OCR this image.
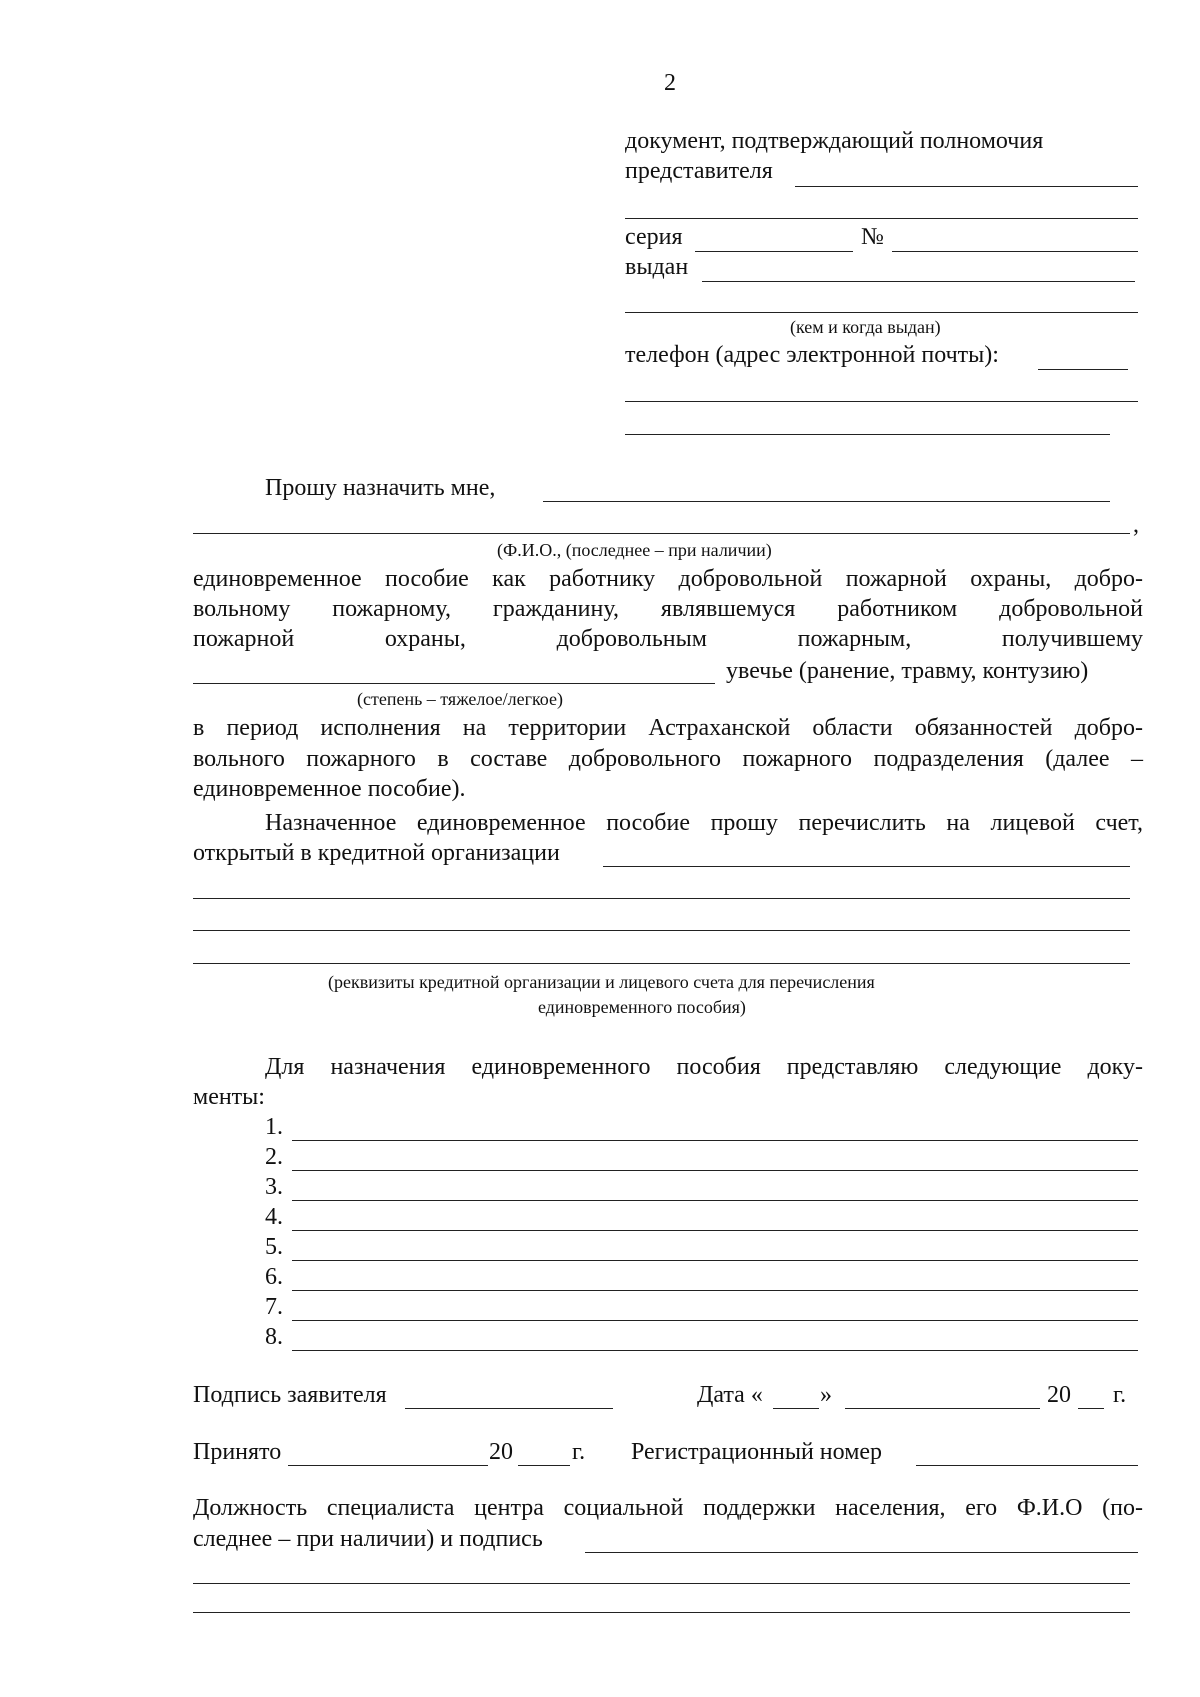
2
документ, подтверждающий полномочия
представителя
серия	№
выдан
(кем и когда выдан)
телефон (адрес электронной почты):
Прошу назначить мне,
,
(Ф.И.О., (последнее – при наличии)
единовременное пособие как работнику добровольной пожарной охраны, добро-
вольному пожарному, гражданину, являвшемуся работником добровольной
пожарной охраны, добровольным пожарным, получившему
увечье (ранение, травму, контузию)
(степень – тяжелое/легкое)
в период исполнения на территории Астраханской области обязанностей добро-
вольного пожарного в составе добровольного пожарного подразделения (далее –
единовременное пособие).
Назначенное единовременное пособие прошу перечислить на лицевой счет,
открытый в кредитной организации
(реквизиты кредитной организации и лицевого счета для перечисления
единовременного пособия)
Для назначения единовременного пособия представляю следующие доку-
менты:
1.
2.
3.
4.
5.
6.
7.
8.
Подпись заявителя	Дата « »	20 г.
Принято	20 г. Регистрационный номер
Должность специалиста центра социальной поддержки населения, его Ф.И.О (по-
следнее – при наличии) и подпись
